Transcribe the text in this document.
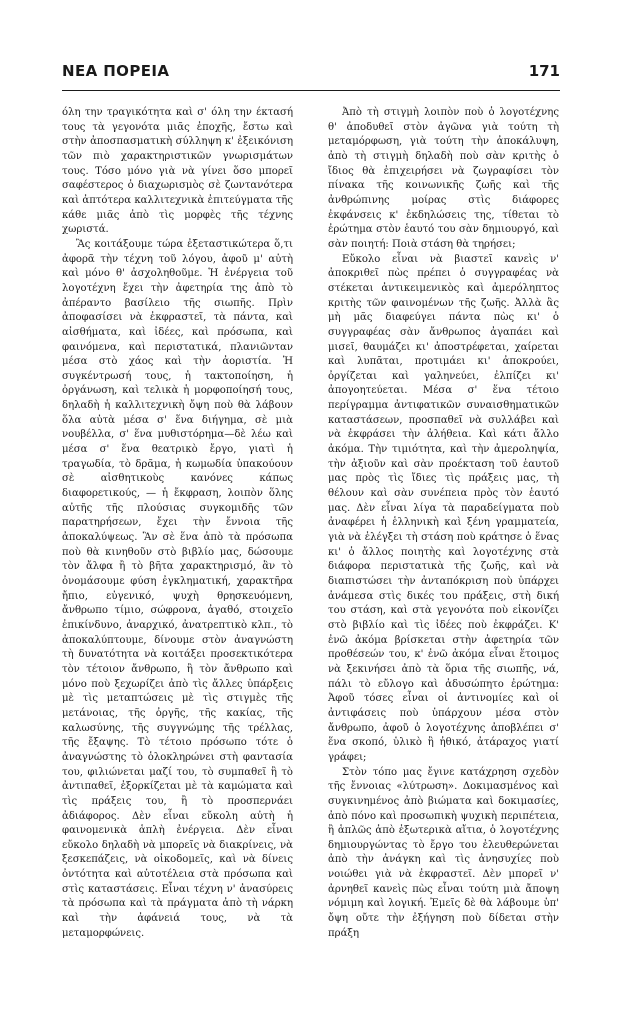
ΝΕΑ ΠΟΡΕΙΑ	171

όλη την τραγικότητα καὶ σ' όλη την έκτασή τους τὰ γεγονότα μιᾶς ἐποχῆς, ἔστω καὶ στὴν ἀποσπασματικὴ σύλληψη κ' ἐξεικόνιση τῶν πιὸ χαρακτηριστικῶν γνωρισμάτων τους. Τόσο μόνο γιὰ νὰ γίνει ὅσο μπορεῖ σαφέστερος ὁ διαχωρισμὸς σὲ ζωντανότερα καὶ ἀπτότερα καλλιτεχνικὰ ἐπιτεύγματα τῆς κάθε μιᾶς ἀπὸ τὶς μορφὲς τῆς τέχνης χωριστά.

Ἂς κοιτάξουμε τώρα ἐξεταστικώτερα ὅ,τι ἀφορᾶ τὴν τέχνη τοῦ λόγου, ἀφοῦ μ' αὐτὴ καὶ μόνο θ' ἀσχοληθοῦμε. Ἡ ἐνέργεια τοῦ λογοτέχνη ἔχει τὴν ἀφετηρία της ἀπὸ τὸ ἀπέραντο βασίλειο τῆς σιωπῆς. Πρὶν ἀποφασίσει νὰ ἐκφραστεῖ, τὰ πάντα, καὶ αἰσθήματα, καὶ ἰδέες, καὶ πρόσωπα, καὶ φαινόμενα, καὶ περιστατικά, πλανιῶνταν μέσα στὸ χάος καὶ τὴν ἀοριστία. Ἡ συγκέντρωσή τους, ἡ τακτοποίηση, ἡ ὀργάνωση, καὶ τελικὰ ἡ μορφοποίησή τους, δηλαδὴ ἡ καλλιτεχνικὴ ὄψη ποὺ θὰ λάβουν ὅλα αὐτὰ μέσα σ' ἕνα διήγημα, σὲ μιὰ νουβέλλα, σ' ἕνα μυθιστόρημα—δὲ λέω καὶ μέσα σ' ἕνα θεατρικὸ ἔργο, γιατὶ ἡ τραγωδία, τὸ δρᾶμα, ἡ κωμωδία ὑπακούουν σὲ αἰσθητικοὺς κανόνες κάπως διαφορετικούς, — ἡ ἔκφραση, λοιπὸν ὅλης αὐτῆς τῆς πλούσιας συγκομιδῆς τῶν παρατηρήσεων, ἔχει τὴν ἔννοια τῆς ἀποκαλύψεως. Ἂν σὲ ἕνα ἀπὸ τὰ πρόσωπα ποὺ θὰ κινηθοῦν στὸ βιβλίο μας, δώσουμε τὸν ἄλφα ἢ τὸ βῆτα χαρακτηρισμό, ἂν τὸ ὀνομάσουμε φύση ἐγκληματική, χαρακτῆρα ἤπιο, εὐγενικό, ψυχὴ θρησκευόμενη, ἄνθρωπο τίμιο, σώφρονα, ἀγαθό, στοιχεῖο ἐπικίνδυνο, ἀναρχικό, ἀνατρεπτικὸ κλπ., τὸ ἀποκαλύπτουμε, δίνουμε στὸν ἀναγνώστη τὴ δυνατότητα νὰ κοιτάξει προσεκτικότερα τὸν τέτοιον ἄνθρωπο, ἢ τὸν ἄνθρωπο καὶ μόνο ποὺ ξεχωρίζει ἀπὸ τὶς ἄλλες ὑπάρξεις μὲ τὶς μεταπτώσεις μὲ τὶς στιγμὲς τῆς μετάνοιας, τῆς ὀργῆς, τῆς κακίας, τῆς καλωσύνης, τῆς συγγνώμης τῆς τρέλλας, τῆς ἔξαψης. Τὸ τέτοιο πρόσωπο τότε ὁ ἀναγνώστης τὸ ὁλοκληρώνει στὴ φαντασία του, φιλιώνεται μαζί του, τὸ συμπαθεῖ ἢ τὸ ἀντιπαθεῖ, ἐξορκίζεται μὲ τὰ καμώματα καὶ τὶς πράξεις του, ἢ τὸ προσπερνάει ἀδιάφορος. Δὲν εἶναι εὔκολη αὐτὴ ἡ φαινομενικὰ ἁπλὴ ἐνέργεια. Δὲν εἶναι εὔκολο δηλαδὴ νὰ μπορεῖς νὰ διακρίνεις, νὰ ξεσκεπάζεις, νὰ οἰκοδομεῖς, καὶ νὰ δίνεις ὀντότητα καὶ αὐτοτέλεια στὰ πρόσωπα καὶ στὶς καταστάσεις. Εἶναι τέχνη ν' ἀνασύρεις τὰ πρόσωπα καὶ τὰ πράγματα ἀπὸ τὴ νάρκη καὶ τὴν ἀφάνειά τους, νὰ τὰ μεταμορφώνεις.

Ἀπὸ τὴ στιγμὴ λοιπὸν ποὺ ὁ λογοτέχνης θ' ἀποδυθεῖ στὸν ἀγῶνα γιὰ τούτη τὴ μεταμόρφωση, γιὰ τούτη τὴν ἀποκάλυψη, ἀπὸ τὴ στιγμὴ δηλαδὴ ποὺ σὰν κριτὴς ὁ ἴδιος θὰ ἐπιχειρήσει νὰ ζωγραφίσει τὸν πίνακα τῆς κοινωνικῆς ζωῆς καὶ τῆς ἀνθρώπινης μοίρας στὶς διάφορες ἐκφάνσεις κ' ἐκδηλώσεις της, τίθεται τὸ ἐρώτημα στὸν ἑαυτό του σὰν δημιουργό, καὶ σὰν ποιητή: Ποιὰ στάση θὰ τηρήσει;

Εὔκολο εἶναι νὰ βιαστεῖ κανεὶς ν' ἀποκριθεῖ πὼς πρέπει ὁ συγγραφέας νὰ στέκεται ἀντικειμενικὸς καὶ ἀμερόληπτος κριτὴς τῶν φαινομένων τῆς ζωῆς. Ἀλλὰ ἂς μὴ μᾶς διαφεύγει πάντα πὼς κι' ὁ συγγραφέας σὰν ἄνθρωπος ἀγαπάει καὶ μισεῖ, θαυμάζει κι' ἀποστρέφεται, χαίρεται καὶ λυπᾶται, προτιμάει κι' ἀποκρούει, ὀργίζεται καὶ γαληνεύει, ἐλπίζει κι' ἀπογοητεύεται. Μέσα σ' ἕνα τέτοιο περίγραμμα ἀντιφατικῶν συναισθηματικῶν καταστάσεων, προσπαθεῖ νὰ συλλάβει καὶ νὰ ἐκφράσει τὴν ἀλήθεια. Καὶ κάτι ἄλλο ἀκόμα. Τὴν τιμιότητα, καὶ τὴν ἀμεροληψία, τὴν ἀξιοῦν καὶ σὰν προέκταση τοῦ ἑαυτοῦ μας πρὸς τὶς ἴδιες τὶς πράξεις μας, τὴ θέλουν καὶ σὰν συνέπεια πρὸς τὸν ἑαυτό μας. Δὲν εἶναι λίγα τὰ παραδείγματα ποὺ ἀναφέρει ἡ ἑλληνικὴ καὶ ξένη γραμματεία, γιὰ νὰ ἐλέγξει τὴ στάση ποὺ κράτησε ὁ ἕνας κι' ὁ ἄλλος ποιητὴς καὶ λογοτέχνης στὰ διάφορα περιστατικὰ τῆς ζωῆς, καὶ νὰ διαπιστώσει τὴν ἀνταπόκριση ποὺ ὑπάρχει ἀνάμεσα στὶς δικές του πράξεις, στὴ δική του στάση, καὶ στὰ γεγονότα ποὺ εἰκονίζει στὸ βιβλίο καὶ τὶς ἰδέες ποὺ ἐκφράζει. Κ' ἐνῶ ἀκόμα βρίσκεται στὴν ἀφετηρία τῶν προθέσεών του, κ' ἐνῶ ἀκόμα εἶναι ἕτοιμος νὰ ξεκινήσει ἀπὸ τὰ ὅρια τῆς σιωπῆς, νά, πάλι τὸ εὔλογο καὶ ἀδυσώπητο ἐρώτημα: Ἀφοῦ τόσες εἶναι οἱ ἀντινομίες καὶ οἱ ἀντιφάσεις ποὺ ὑπάρχουν μέσα στὸν ἄνθρωπο, ἀφοῦ ὁ λογοτέχνης ἀποβλέπει σ' ἕνα σκοπό, ὑλικὸ ἢ ἠθικό, ἀτάραχος γιατί γράφει;

Στὸν τόπο μας ἔγινε κατάχρηση σχεδὸν τῆς ἔννοιας «λύτρωση». Δοκιμασμένος καὶ συγκινημένος ἀπὸ βιώματα καὶ δοκιμασίες, ἀπὸ πόνο καὶ προσωπικὴ ψυχικὴ περιπέτεια, ἢ ἁπλῶς ἀπὸ ἐξωτερικὰ αἴτια, ὁ λογοτέχνης δημιουργώντας τὸ ἔργο του ἐλευθερώνεται ἀπὸ τὴν ἀνάγκη καὶ τὶς ἀνησυχίες ποὺ νοιώθει γιὰ νὰ ἐκφραστεῖ. Δὲν μπορεῖ ν' ἀρνηθεῖ κανεὶς πὼς εἶναι τούτη μιὰ ἄποψη νόμιμη καὶ λογική. Ἐμεῖς δὲ θὰ λάβουμε ὑπ' ὄψη οὔτε τὴν ἐξήγηση ποὺ δίδεται στὴν πράξη
